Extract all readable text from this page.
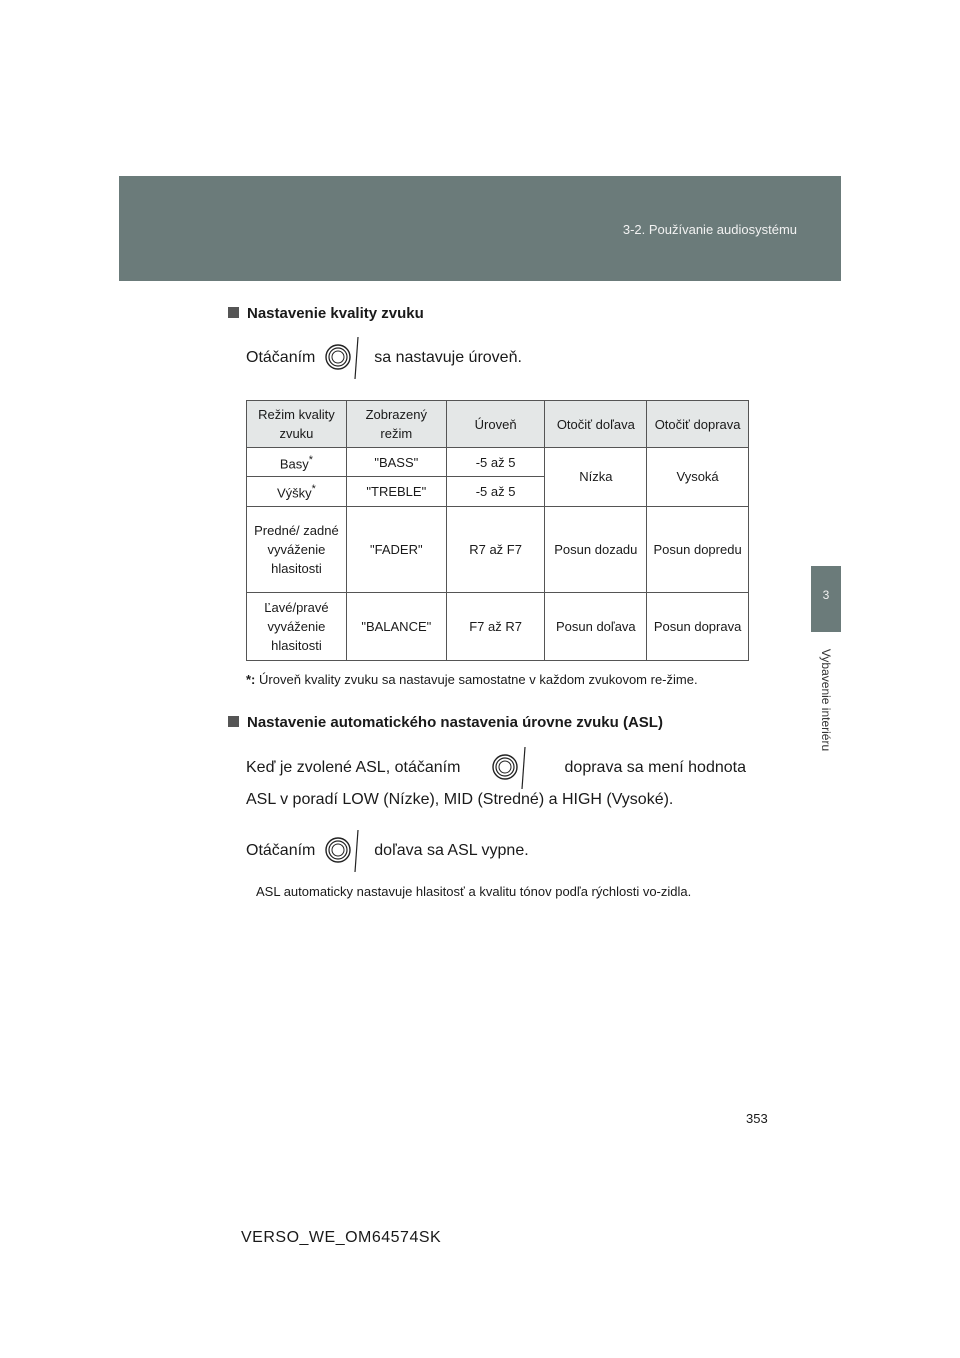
3-2. Používanie audiosystému
3
Vybavenie interiéru
Nastavenie kvality zvuku
Otáčaním	sa nastavuje úroveň.
Režim kvality zvuku	Zobrazený režim	Úroveň	Otočiť doľava	Otočiť doprava
Basy*	"BASS"	-5 až 5	Nízka	Vysoká
Výšky*	"TREBLE"	-5 až 5		
Predné/ zadné vyváženie hlasitosti	"FADER"	R7 až F7	Posun dozadu	Posun dopredu
Ľavé/pravé vyváženie hlasitosti	"BALANCE"	F7 až R7	Posun doľava	Posun doprava
*: Úroveň kvality zvuku sa nastavuje samostatne v každom zvukovom re-žime.
Nastavenie automatického nastavenia úrovne zvuku (ASL)
Keď je zvolené ASL, otáčaním	doprava sa mení hodnota
ASL v poradí LOW (Nízke), MID (Stredné) a HIGH (Vysoké).
Otáčaním	doľava sa ASL vypne.
ASL automaticky nastavuje hlasitosť a kvalitu tónov podľa rýchlosti vo-zidla.
353
VERSO_WE_OM64574SK
